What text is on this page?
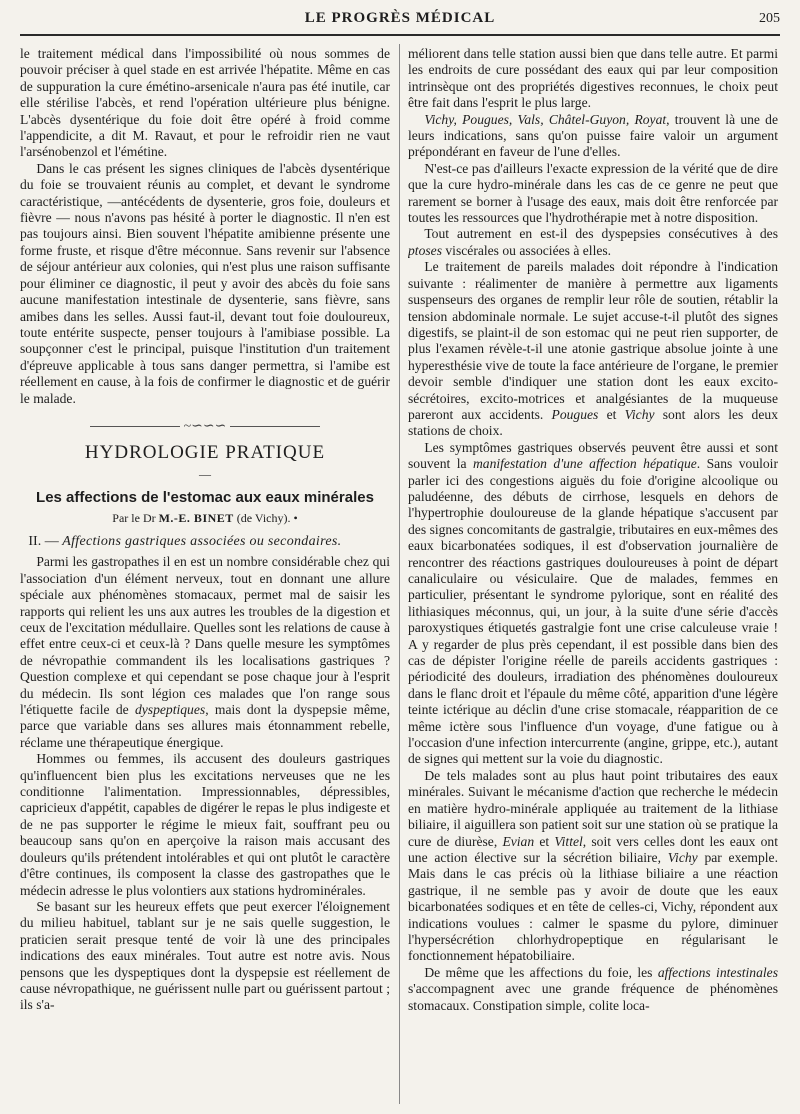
LE PROGRÈS MÉDICAL	205

le traitement médical dans l'impossibilité où nous sommes de pouvoir préciser à quel stade en est arrivée l'hépatite. Même en cas de suppuration la cure émétino-arsenicale n'aura pas été inutile, car elle stérilise l'abcès, et rend l'opération ultérieure plus bénigne. L'abcès dysentérique du foie doit être opéré à froid comme l'appendicite, a dit M. Ravaut, et pour le refroidir rien ne vaut l'arsénobenzol et l'émétine.

Dans le cas présent les signes cliniques de l'abcès dysentérique du foie se trouvaient réunis au complet, et devant le syndrome caractéristique, —antécédents de dysenterie, gros foie, douleurs et fièvre — nous n'avons pas hésité à porter le diagnostic. Il n'en est pas toujours ainsi. Bien souvent l'hépatite amibienne présente une forme fruste, et risque d'être méconnue. Sans revenir sur l'absence de séjour antérieur aux colonies, qui n'est plus une raison suffisante pour éliminer ce diagnostic, il peut y avoir des abcès du foie sans aucune manifestation intestinale de dysenterie, sans fièvre, sans amibes dans les selles. Aussi faut-il, devant tout foie douloureux, toute entérite suspecte, penser toujours à l'amibiase possible. La soupçonner c'est le principal, puisque l'institution d'un traitement d'épreuve applicable à tous sans danger permettra, si l'amibe est réellement en cause, à la fois de confirmer le diagnostic et de guérir le malade.

~∽∽∽
HYDROLOGIE PRATIQUE
—
Les affections de l'estomac aux eaux minérales
Par le Dr M.-E. BINET (de Vichy). •
II. — Affections gastriques associées ou secondaires.

Parmi les gastropathes il en est un nombre considérable chez qui l'association d'un élément nerveux, tout en donnant une allure spéciale aux phénomènes stomacaux, permet mal de saisir les rapports qui relient les uns aux autres les troubles de la digestion et ceux de l'excitation médullaire. Quelles sont les relations de cause à effet entre ceux-ci et ceux-là ? Dans quelle mesure les symptômes de névropathie commandent ils les localisations gastriques ? Question complexe et qui cependant se pose chaque jour à l'esprit du médecin. Ils sont légion ces malades que l'on range sous l'étiquette facile de dyspeptiques, mais dont la dyspepsie même, parce que variable dans ses allures mais étonnamment rebelle, réclame une thérapeutique énergique.

Hommes ou femmes, ils accusent des douleurs gastriques qu'influencent bien plus les excitations nerveuses que ne les conditionne l'alimentation. Impressionnables, dépressibles, capricieux d'appétit, capables de digérer le repas le plus indigeste et de ne pas supporter le régime le mieux fait, souffrant peu ou beaucoup sans qu'on en aperçoive la raison mais accusant des douleurs qu'ils prétendent intolérables et qui ont plutôt le caractère d'être continues, ils composent la classe des gastropathes que le médecin adresse le plus volontiers aux stations hydrominérales.

Se basant sur les heureux effets que peut exercer l'éloignement du milieu habituel, tablant sur je ne sais quelle suggestion, le praticien serait presque tenté de voir là une des principales indications des eaux minérales. Tout autre est notre avis. Nous pensons que les dyspeptiques dont la dyspepsie est réellement de cause névropathique, ne guérissent nulle part ou guérissent partout ; ils s'a-

méliorent dans telle station aussi bien que dans telle autre. Et parmi les endroits de cure possédant des eaux qui par leur composition intrinsèque ont des propriétés digestives reconnues, le choix peut être fait dans l'esprit le plus large.

Vichy, Pougues, Vals, Châtel-Guyon, Royat, trouvent là une de leurs indications, sans qu'on puisse faire valoir un argument prépondérant en faveur de l'une d'elles.

N'est-ce pas d'ailleurs l'exacte expression de la vérité que de dire que la cure hydro-minérale dans les cas de ce genre ne peut que rarement se borner à l'usage des eaux, mais doit être renforcée par toutes les ressources que l'hydrothérapie met à notre disposition.

Tout autrement en est-il des dyspepsies consécutives à des ptoses viscérales ou associées à elles.

Le traitement de pareils malades doit répondre à l'indication suivante : réalimenter de manière à permettre aux ligaments suspenseurs des organes de remplir leur rôle de soutien, rétablir la tension abdominale normale. Le sujet accuse-t-il plutôt des signes digestifs, se plaint-il de son estomac qui ne peut rien supporter, de plus l'examen révèle-t-il une atonie gastrique absolue jointe à une hyperesthésie vive de toute la face antérieure de l'organe, le premier devoir semble d'indiquer une station dont les eaux excito-sécrétoires, excito-motrices et analgésiantes de la muqueuse pareront aux accidents. Pougues et Vichy sont alors les deux stations de choix.

Les symptômes gastriques observés peuvent être aussi et sont souvent la manifestation d'une affection hépatique. Sans vouloir parler ici des congestions aiguës du foie d'origine alcoolique ou paludéenne, des débuts de cirrhose, lesquels en dehors de l'hypertrophie douloureuse de la glande hépatique s'accusent par des signes concomitants de gastralgie, tributaires en eux-mêmes des eaux bicarbonatées sodiques, il est d'observation journalière de rencontrer des réactions gastriques douloureuses à point de départ canaliculaire ou vésiculaire. Que de malades, femmes en particulier, présentant le syndrome pylorique, sont en réalité des lithiasiques méconnus, qui, un jour, à la suite d'une série d'accès paroxystiques étiquetés gastralgie font une crise calculeuse vraie ! A y regarder de plus près cependant, il est possible dans bien des cas de dépister l'origine réelle de pareils accidents gastriques : périodicité des douleurs, irradiation des phénomènes douloureux dans le flanc droit et l'épaule du même côté, apparition d'une légère teinte ictérique au déclin d'une crise stomacale, réapparition de ce même ictère sous l'influence d'un voyage, d'une fatigue ou à l'occasion d'une infection intercurrente (angine, grippe, etc.), autant de signes qui mettent sur la voie du diagnostic.

De tels malades sont au plus haut point tributaires des eaux minérales. Suivant le mécanisme d'action que recherche le médecin en matière hydro-minérale appliquée au traitement de la lithiase biliaire, il aiguillera son patient soit sur une station où se pratique la cure de diurèse, Evian et Vittel, soit vers celles dont les eaux ont une action élective sur la sécrétion biliaire, Vichy par exemple. Mais dans le cas précis où la lithiase biliaire a une réaction gastrique, il ne semble pas y avoir de doute que les eaux bicarbonatées sodiques et en tête de celles-ci, Vichy, répondent aux indications voulues : calmer le spasme du pylore, diminuer l'hypersécrétion chlorhydropeptique en régularisant le fonctionnement hépatobiliaire.

De même que les affections du foie, les affections intestinales s'accompagnent avec une grande fréquence de phénomènes stomacaux. Constipation simple, colite loca-
